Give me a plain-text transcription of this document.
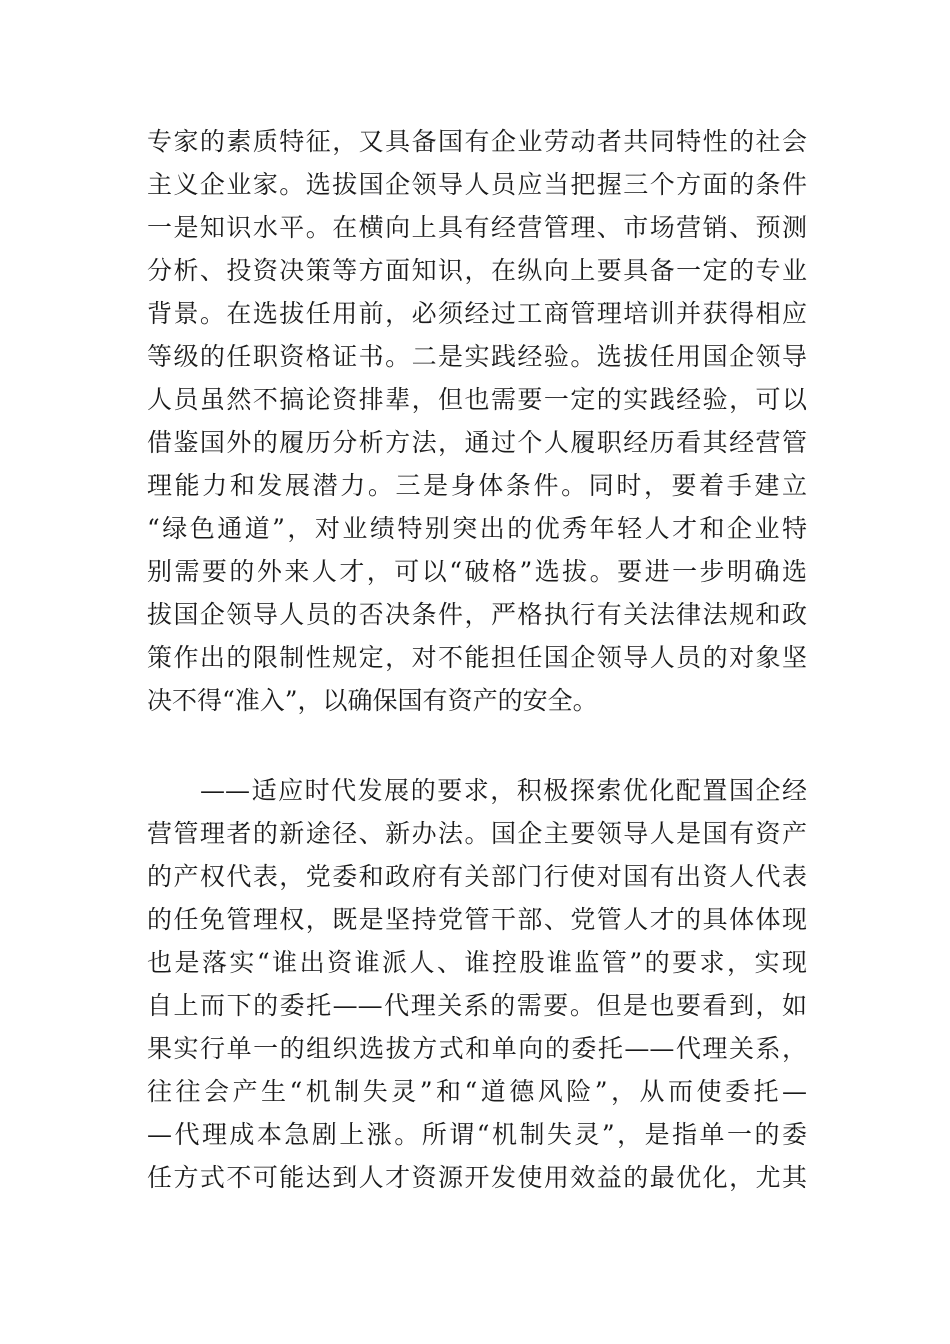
专家的素质特征，又具备国有企业劳动者共同特性的社会
主义企业家。选拔国企领导人员应当把握三个方面的条件
一是知识水平。在横向上具有经营管理、市场营销、预测
分析、投资决策等方面知识，在纵向上要具备一定的专业
背景。在选拔任用前，必须经过工商管理培训并获得相应
等级的任职资格证书。二是实践经验。选拔任用国企领导
人员虽然不搞论资排辈，但也需要一定的实践经验，可以
借鉴国外的履历分析方法，通过个人履职经历看其经营管
理能力和发展潜力。三是身体条件。同时，要着手建立
“绿色通道”，对业绩特别突出的优秀年轻人才和企业特
别需要的外来人才，可以“破格”选拔。要进一步明确选
拔国企领导人员的否决条件，严格执行有关法律法规和政
策作出的限制性规定，对不能担任国企领导人员的对象坚
决不得“准入”，以确保国有资产的安全。
　　——适应时代发展的要求，积极探索优化配置国企经
营管理者的新途径、新办法。国企主要领导人是国有资产
的产权代表，党委和政府有关部门行使对国有出资人代表
的任免管理权，既是坚持党管干部、党管人才的具体体现
也是落实“谁出资谁派人、谁控股谁监管”的要求，实现
自上而下的委托——代理关系的需要。但是也要看到，如
果实行单一的组织选拔方式和单向的委托——代理关系，
往往会产生“机制失灵”和“道德风险”，从而使委托—
—代理成本急剧上涨。所谓“机制失灵”，是指单一的委
任方式不可能达到人才资源开发使用效益的最优化，尤其
